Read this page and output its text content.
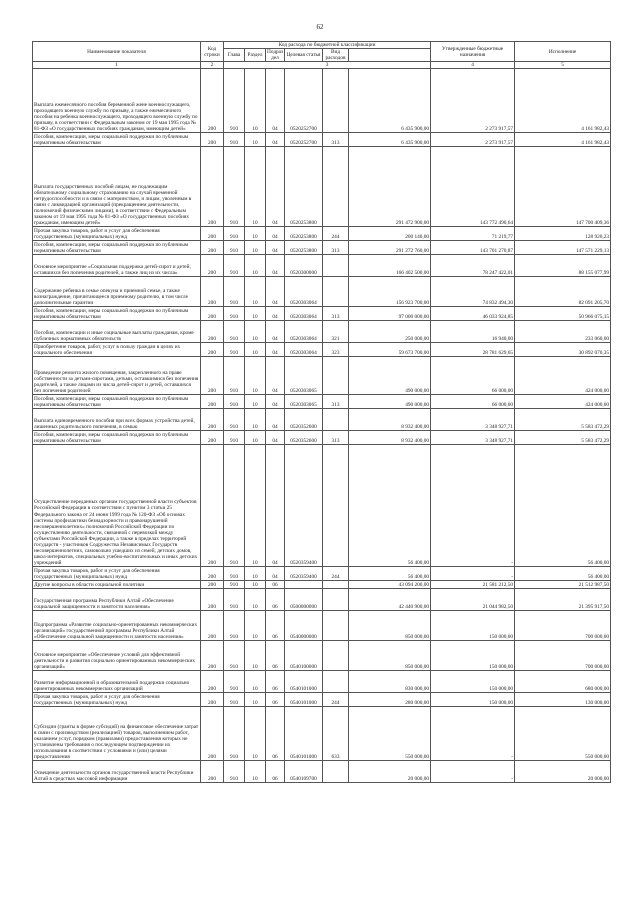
62
Наименование показателя	Код строки	Код расхода по бюджетной классификации						Утвержденные бюджетные назначения	Исполнение	
		Глава	Раздел	Подраз дел	Целевая статья	Вид расходов				
1	2	3						4	5	
Выплата ежемесячного пособия беременной жене военнослужащего, проходящего военную службу по призыву, а также ежемесячного пособия на ребенка военнослужащего, проходящего военную службу по призыву, в соответствии с Федеральным законом от 19 мая 1995 года № 81-ФЗ «О государственных пособиях гражданам, имеющим детей»	200	910	10	04	0520252700		6 435 900,00	2 273 917,57	4 161 982,43	
Пособия, компенсации, меры социальной поддержки по публичным нормативным обязательствам	200	910	10	04	0520252700	313	6 435 900,00	2 273 917,57	4 161 982,43	
Выплата государственных пособий лицам, не подлежащим обязательному социальному страхованию на случай временной нетрудоспособности и в связи с материнством, и лицам, уволенным в связи с ликвидацией организаций (прекращением деятельности, полномочий физическими лицами), в соответствии с Федеральным законом от 19 мая 1995 года № 81-ФЗ «О государственных пособиях гражданам, имеющим детей»	200	910	10	04	0520253800		291 472 900,00	143 772 490,64	147 700 409,36	
Прочая закупка товаров, работ и услуг для обеспечения государственных (муниципальных) нужд	200	910	10	04	0520253800	244	200 140,00	71 219,77	128 920,23	
Пособия, компенсации, меры социальной поддержки по публичным нормативным обязательствам	200	910	10	04	0520253800	313	291 272 760,00	143 701 270,87	147 571 229,13	
Основное мероприятие «Социальная поддержка детей-сирот и детей, оставшихся без попечения родителей, а также лиц из их числа»	200	910	10	04	0520300000		166 402 500,00	78 247 422,01	88 155 077,99	
Содержание ребенка в семье опекуна и приемной семье, а также вознаграждение, причитающееся приемному родителю, в том числе дополнительные гарантии	200	910	10	04	0520303064		156 923 700,00	74 832 494,30	82 091 205,70	
Пособия, компенсации, меры социальной поддержки по публичным нормативным обязательствам	200	910	10	04	0520303064	313	97 000 000,00	46 033 924,85	50 966 075,15	
Пособия, компенсации и иные социальные выплаты гражданам, кроме публичных нормативных обязательств	200	910	10	04	0520303064	321	250 000,00	16 940,00	233 060,00	
Приобретение товаров, работ, услуг в пользу граждан в целях их социального обеспечения	200	910	10	04	0520303064	323	59 673 700,00	28 781 629,65	30 892 070,35	
Проведение ремонта жилого помещения, закрепленного на праве собственности за детьми-сиротами, детьми, оставшимися без попечения родителей, а также лицами из числа детей-сирот и детей, оставшихся без попечения родителей	200	910	10	04	0520303065		490 000,00	66 000,00	424 000,00	
Пособия, компенсации, меры социальной поддержки по публичным нормативным обязательствам	200	910	10	04	0520303065	313	490 000,00	66 000,00	424 000,00	
Выплата единовременного пособия при всех формах устройства детей, лишенных родительского попечения, в семью	200	910	10	04	0520352600		8 932 400,00	3 348 927,71	5 583 472,29	
Пособия, компенсации, меры социальной поддержки по публичным нормативным обязательствам	200	910	10	04	0520352600	313	8 932 400,00	3 348 927,71	5 583 472,29	
Осуществление переданных органам государственной власти субъектов Российской Федерации в соответствии с пунктом 3 статьи 25 Федерального закона от 24 июня 1999 года № 120-ФЗ «Об основах системы профилактики безнадзорности и правонарушений несовершеннолетних» полномочий Российской Федерации по осуществлению деятельности, связанной с перевозкой между субъектами Российской Федерации, а также в пределах территорий государств - участников Содружества Независимых Государств несовершеннолетних, самовольно ушедших из семей, детских домов, школ-интернатов, специальных учебно-воспитательных и иных детских учреждений	200	910	10	04	0520359400		56 400,00	-	56 400,00	
Прочая закупка товаров, работ и услуг для обеспечения государственных (муниципальных) нужд	200	910	10	04	0520359400	244	56 400,00	-	56 400,00	
Другие вопросы в области социальной политики	200	910	10	06			43 094 200,00	21 581 212,50	21 512 987,50	
Государственная программа Республики Алтай «Обеспечение социальной защищенности и занятости населения»	200	910	10	06	0500000000		42 440 900,00	21 044 982,50	21 395 917,50	
Подпрограмма «Развитие социально-ориентированных некоммерческих организаций» государственной программы Республики Алтай «Обеспечение социальной защищенности и занятости населения»	200	910	10	06	0540000000		850 000,00	150 000,00	700 000,00	
Основное мероприятие «Обеспечение условий для эффективной деятельности и развития социально ориентированных некоммерческих организаций»	200	910	10	06	0540100000		850 000,00	150 000,00	700 000,00	
Развитие информационной и образовательной поддержки социально ориентированных некоммерческих организаций	200	910	10	06	0540101000		830 000,00	150 000,00	680 000,00	
Прочая закупка товаров, работ и услуг для обеспечения государственных (муниципальных) нужд	200	910	10	06	0540101000	244	280 000,00	150 000,00	130 000,00	
Субсидии (гранты в форме субсидий) на финансовое обеспечение затрат в связи с производством (реализацией) товаров, выполнением работ, оказанием услуг, порядком (правилами) предоставления которых не установлены требования о последующем подтверждении их использования в соответствии с условиями и (или) целями предоставления	200	910	10	06	0540101000	633	550 000,00	-	550 000,00	
Освещение деятельности органов государственной власти Республики Алтай в средствах массовой информации	200	910	10	06	0540109700		20 000,00	-	20 000,00	
